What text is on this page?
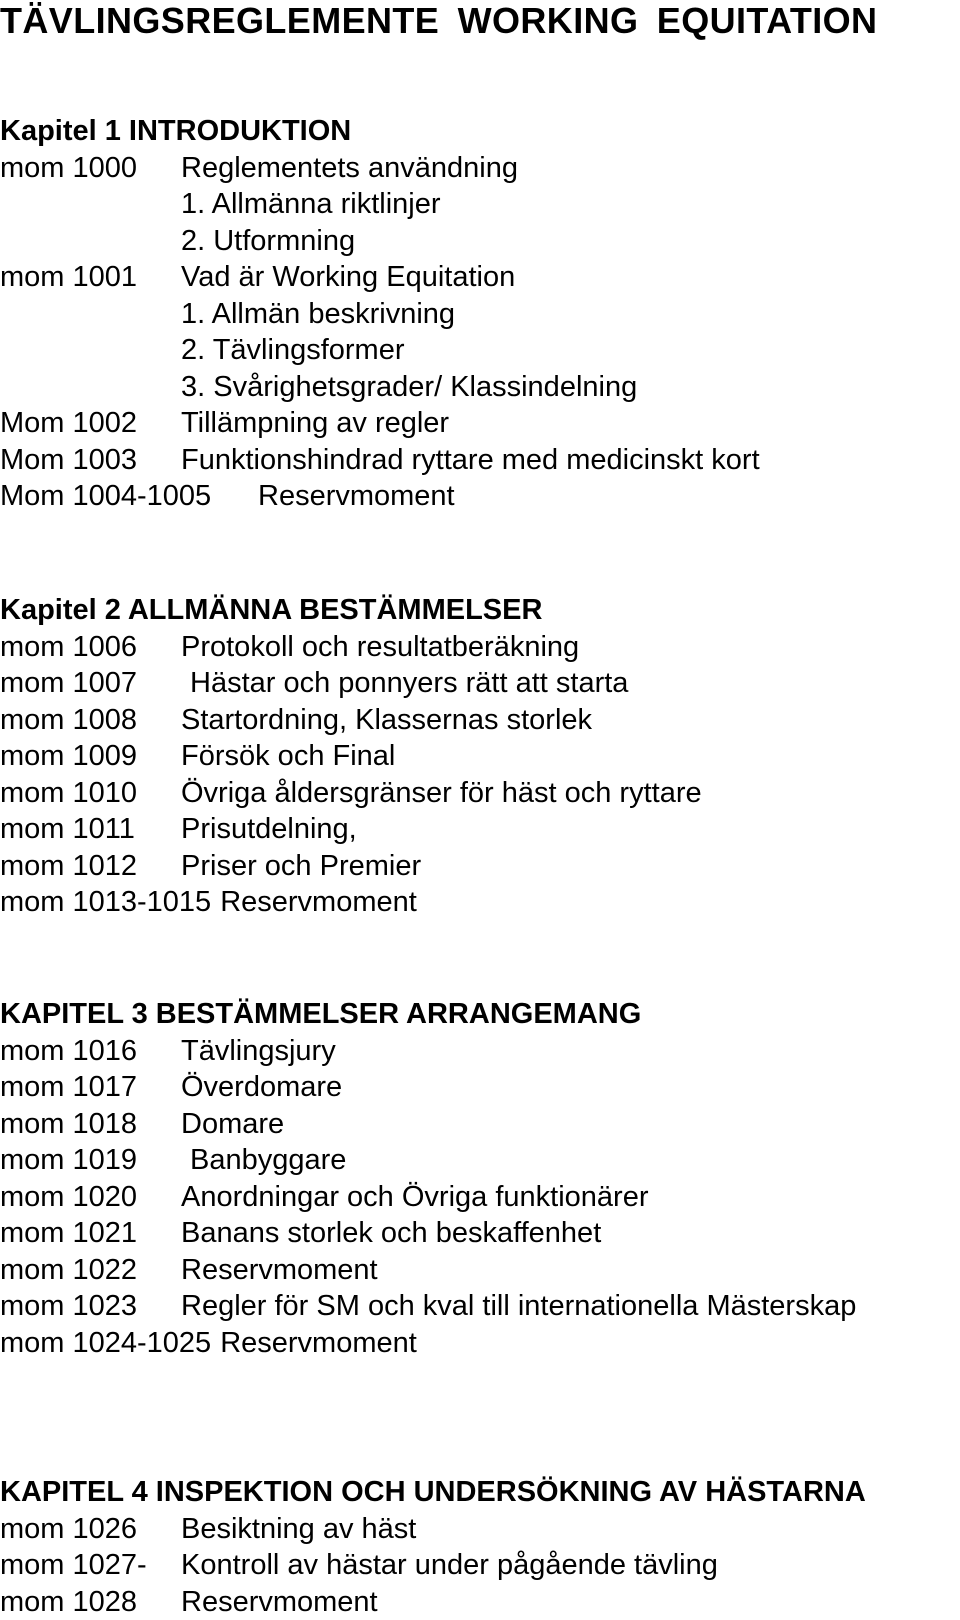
TÄVLINGSREGLEMENTE WORKING EQUITATION
Kapitel 1 INTRODUKTION
mom 1000	Reglementets användning
1. Allmänna riktlinjer
2. Utformning
mom 1001	Vad är Working Equitation
1. Allmän beskrivning
2. Tävlingsformer
3. Svårighetsgrader/ Klassindelning
Mom 1002	Tillämpning av regler
Mom 1003	Funktionshindrad ryttare med medicinskt kort
Mom 1004-1005	Reservmoment
Kapitel 2 ALLMÄNNA BESTÄMMELSER
mom 1006	Protokoll och resultatberäkning
mom 1007	Hästar och ponnyers rätt att starta
mom 1008	Startordning, Klassernas storlek
mom 1009	Försök och Final
mom 1010	Övriga åldersgränser för häst och ryttare
mom 1011	Prisutdelning,
mom 1012	Priser och Premier
mom 1013-1015 Reservmoment
KAPITEL 3 BESTÄMMELSER ARRANGEMANG
mom 1016	Tävlingsjury
mom 1017	Överdomare
mom 1018	Domare
mom 1019	Banbyggare
mom 1020	Anordningar och Övriga funktionärer
mom 1021	Banans storlek och beskaffenhet
mom 1022	Reservmoment
mom 1023	Regler för SM och kval till internationella Mästerskap
mom 1024-1025 Reservmoment
KAPITEL 4 INSPEKTION OCH UNDERSÖKNING AV HÄSTARNA
mom 1026	Besiktning av häst
mom 1027-	Kontroll av hästar under pågående tävling
mom 1028	Reservmoment
